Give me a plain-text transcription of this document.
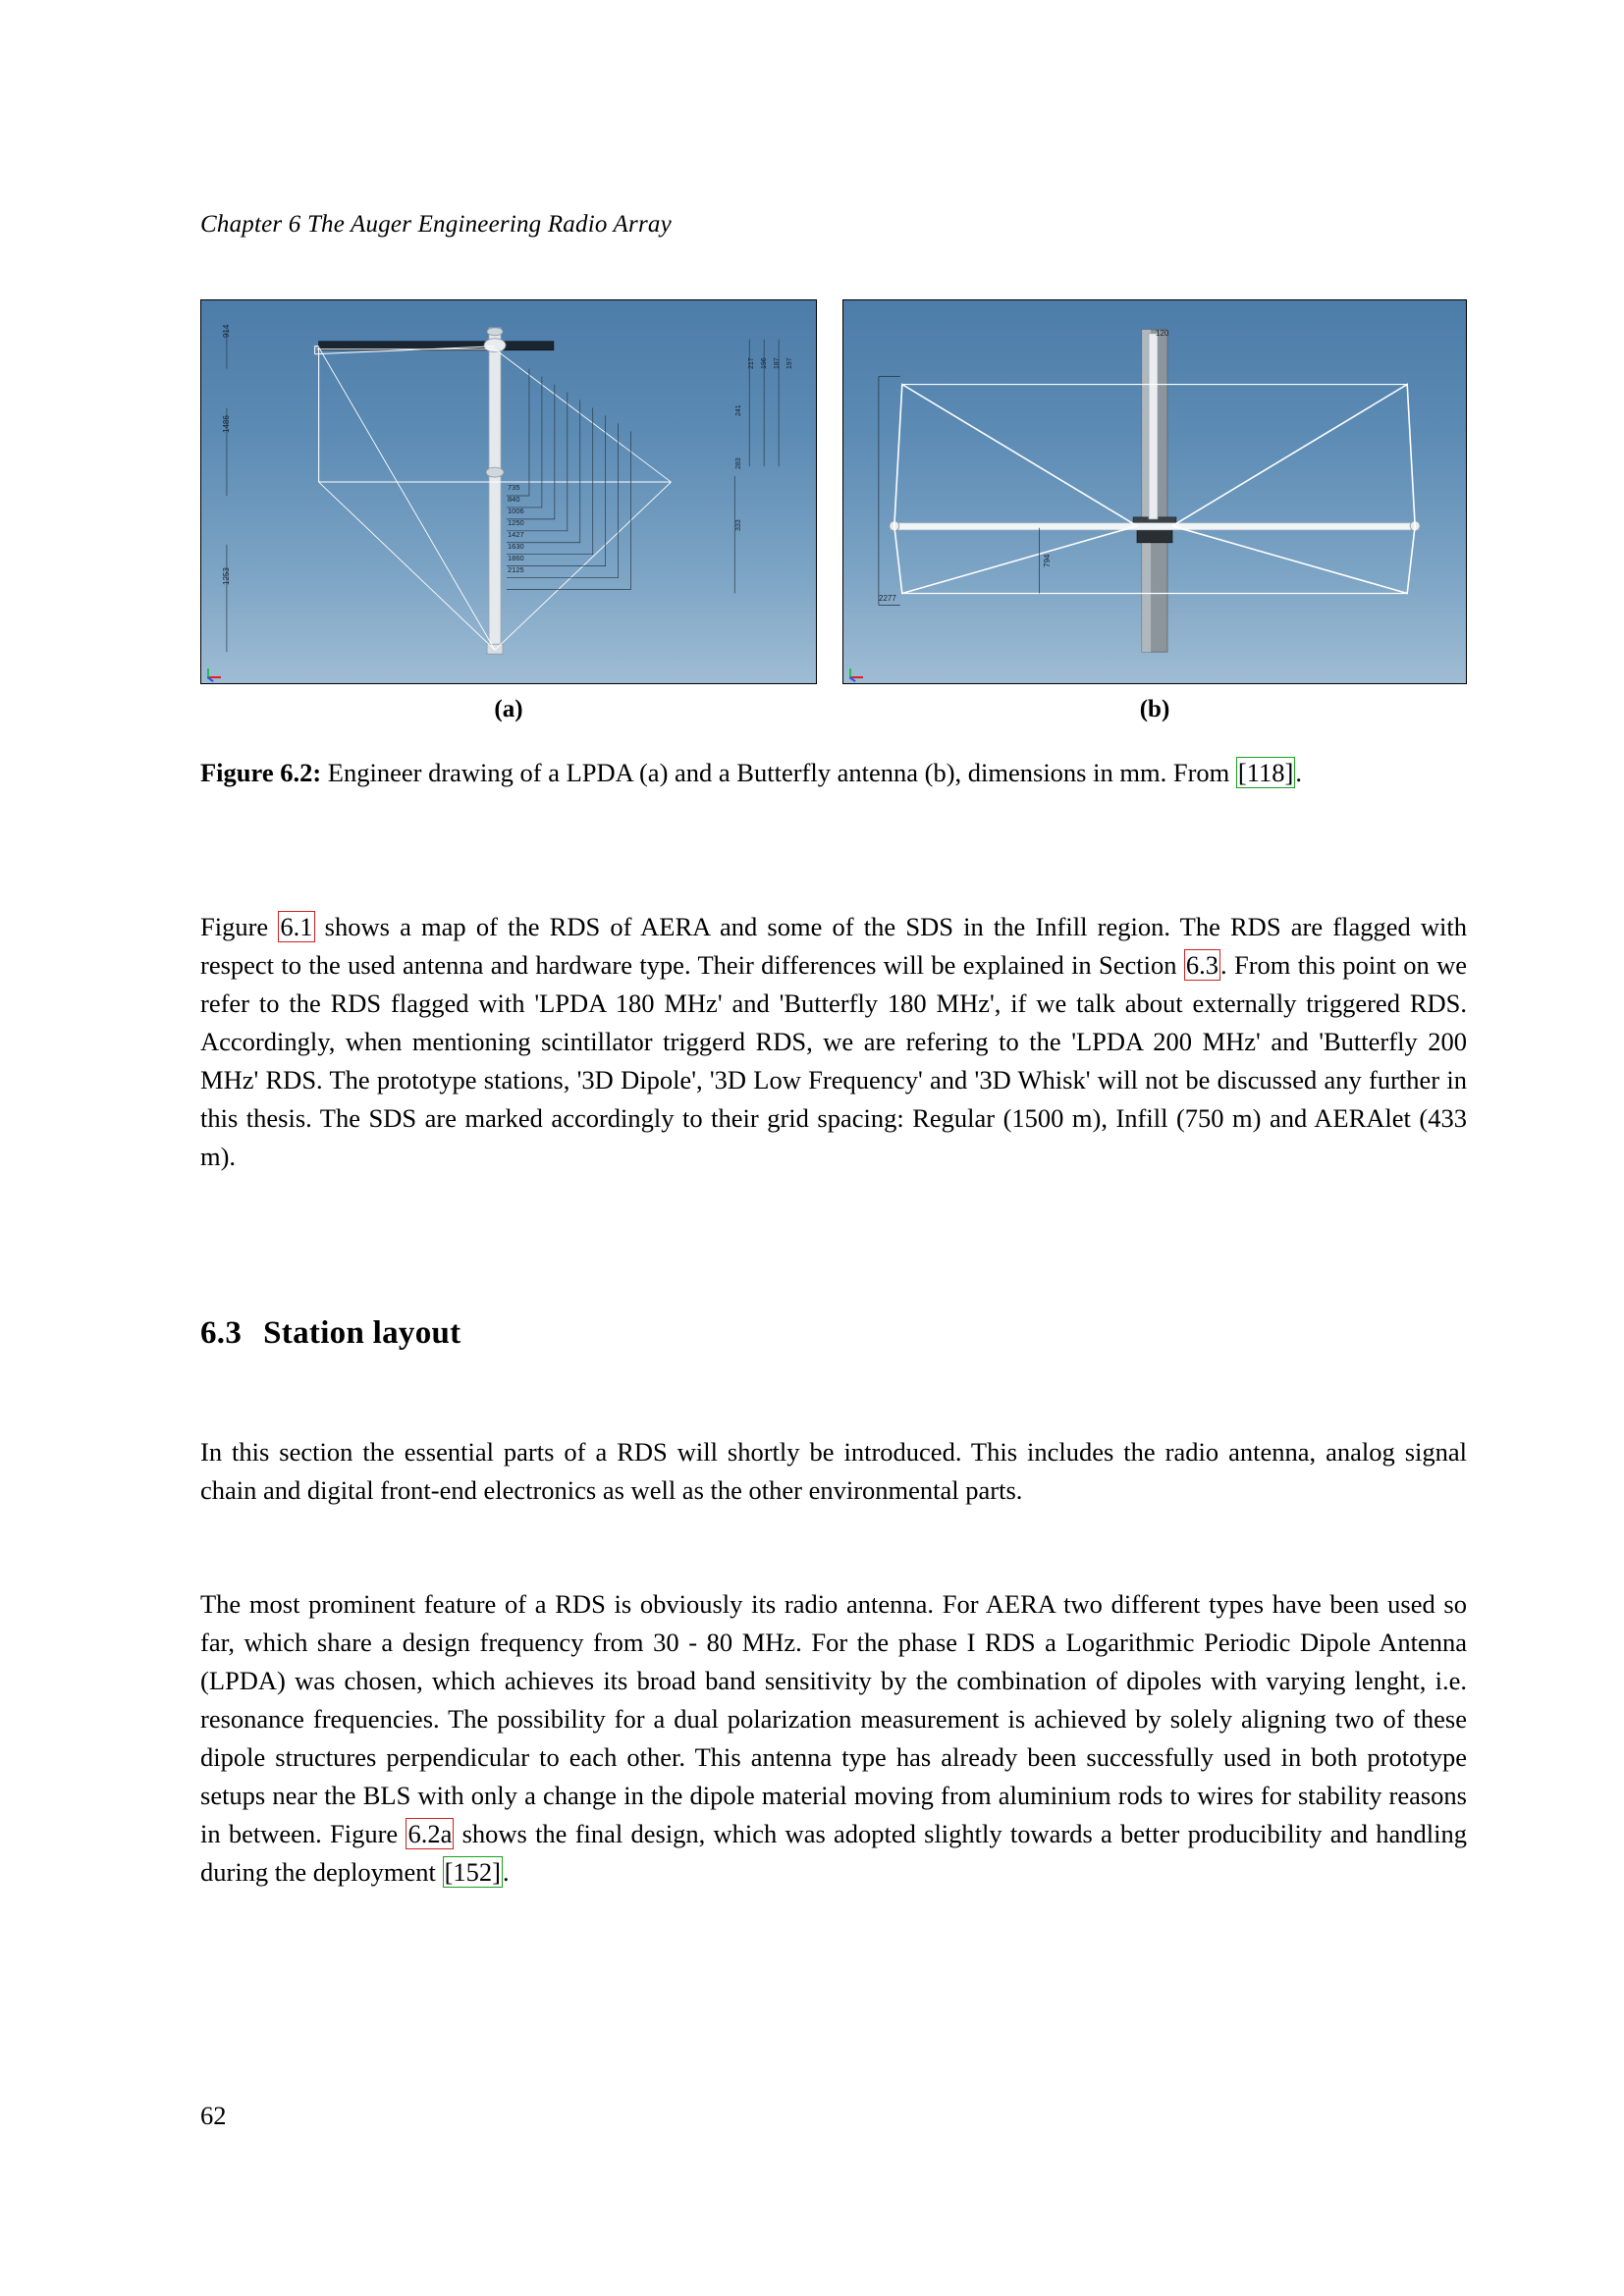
Chapter 6 The Auger Engineering Radio Array
914
1486
1253
735
840
1006
1250
1427
1630
1860
2125
197
187
196
217
241
283
333
120
794
2277
(a)	(b)
Figure 6.2: Engineer drawing of a LPDA (a) and a Butterfly antenna (b), dimensions in mm. From [118].
Figure 6.1 shows a map of the RDS of AERA and some of the SDS in the Infill region. The RDS are flagged with respect to the used antenna and hardware type. Their differences will be explained in Section 6.3. From this point on we refer to the RDS flagged with 'LPDA 180 MHz' and 'Butterfly 180 MHz', if we talk about externally triggered RDS. Accordingly, when mentioning scintillator triggerd RDS, we are refering to the 'LPDA 200 MHz' and 'Butterfly 200 MHz' RDS. The prototype stations, '3D Dipole', '3D Low Frequency' and '3D Whisk' will not be discussed any further in this thesis. The SDS are marked accordingly to their grid spacing: Regular (1500 m), Infill (750 m) and AERAlet (433 m).
6.3 Station layout
In this section the essential parts of a RDS will shortly be introduced. This includes the radio antenna, analog signal chain and digital front-end electronics as well as the other environmental parts.
The most prominent feature of a RDS is obviously its radio antenna. For AERA two different types have been used so far, which share a design frequency from 30 - 80 MHz. For the phase I RDS a Logarithmic Periodic Dipole Antenna (LPDA) was chosen, which achieves its broad band sensitivity by the combination of dipoles with varying lenght, i.e. resonance frequencies. The possibility for a dual polarization measurement is achieved by solely aligning two of these dipole structures perpendicular to each other. This antenna type has already been successfully used in both prototype setups near the BLS with only a change in the dipole material moving from aluminium rods to wires for stability reasons in between. Figure 6.2a shows the final design, which was adopted slightly towards a better producibility and handling during the deployment [152].
62
